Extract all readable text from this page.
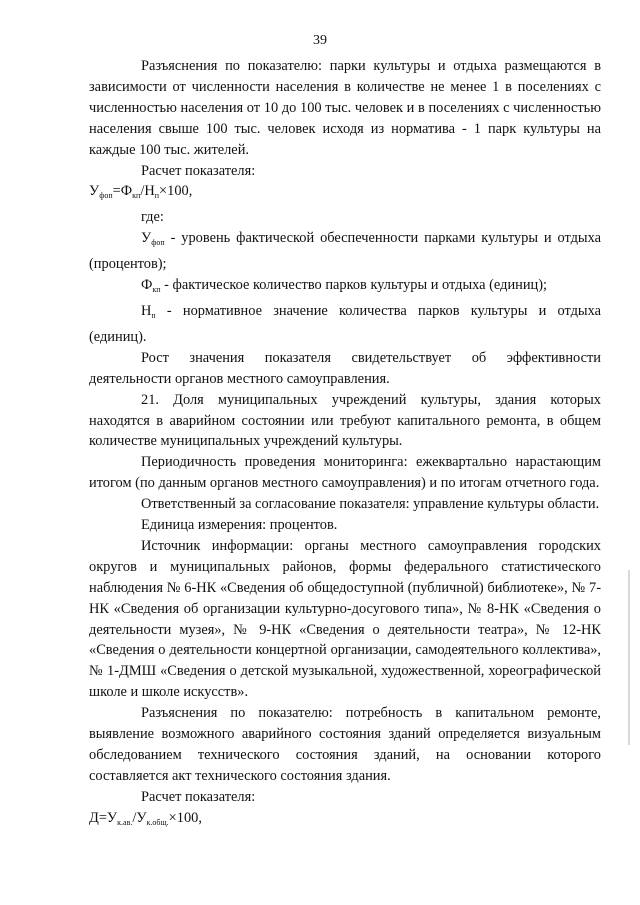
39

Разъяснения по показателю: парки культуры и отдыха размещаются в зависимости от численности населения в количестве не менее 1 в поселениях с численностью населения от 10 до 100 тыс. человек и в поселениях с численностью населения свыше 100 тыс. человек исходя из норматива - 1 парк культуры на каждые 100 тыс. жителей.

Расчет показателя:

$У_{фоп}=Ф_{кп}/Н_п\times 100$,

где:

$У_{фоп}$ - уровень фактической обеспеченности парками культуры и отдыха (процентов);

$Ф_{кп}$ - фактическое количество парков культуры и отдыха (единиц);

$Н_п$ - нормативное значение количества парков культуры и отдыха (единиц).

Рост значения показателя свидетельствует об эффективности деятельности органов местного самоуправления.

21. Доля муниципальных учреждений культуры, здания которых находятся в аварийном состоянии или требуют капитального ремонта, в общем количестве муниципальных учреждений культуры.

Периодичность проведения мониторинга: ежеквартально нарастающим итогом (по данным органов местного самоуправления) и по итогам отчетного года.

Ответственный за согласование показателя: управление культуры области.

Единица измерения: процентов.

Источник информации: органы местного самоуправления городских округов и муниципальных районов, формы федерального статистического наблюдения № 6-НК «Сведения об общедоступной (публичной) библиотеке», № 7-НК «Сведения об организации культурно-досугового типа», № 8-НК «Сведения о деятельности музея», № 9-НК «Сведения о деятельности театра», № 12-НК «Сведения о деятельности концертной организации, самодеятельного коллектива», № 1-ДМШ «Сведения о детской музыкальной, художественной, хореографической школе и школе искусств».

Разъяснения по показателю: потребность в капитальном ремонте, выявление возможного аварийного состояния зданий определяется визуальным обследованием технического состояния зданий, на основании которого составляется акт технического состояния здания.

Расчет показателя:

$Д=У_{к.ав.}/У_{к.общ.}\times 100$,
